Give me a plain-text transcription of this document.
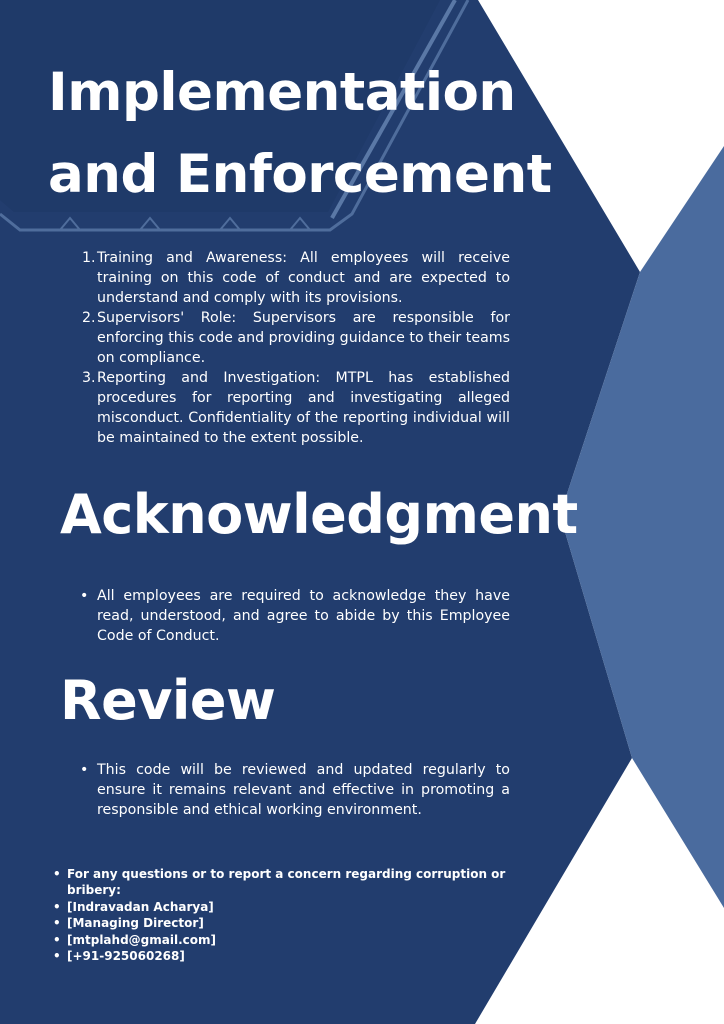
Implementation
and Enforcement
1. Training and Awareness: All employees will receive training on this code of conduct and are expected to understand and comply with its provisions.
2. Supervisors' Role: Supervisors are responsible for enforcing this code and providing guidance to their teams on compliance.
3. Reporting and Investigation: MTPL has established procedures for reporting and investigating alleged misconduct. Confidentiality of the reporting individual will be maintained to the extent possible.
Acknowledgment
• All employees are required to acknowledge they have read, understood, and agree to abide by this Employee Code of Conduct.
Review
• This code will be reviewed and updated regularly to ensure it remains relevant and effective in promoting a responsible and ethical working environment.
• For any questions or to report a concern regarding corruption or bribery:
• [Indravadan Acharya]
• [Managing Director]
• [mtplahd@gmail.com]
• [+91-925060268]
